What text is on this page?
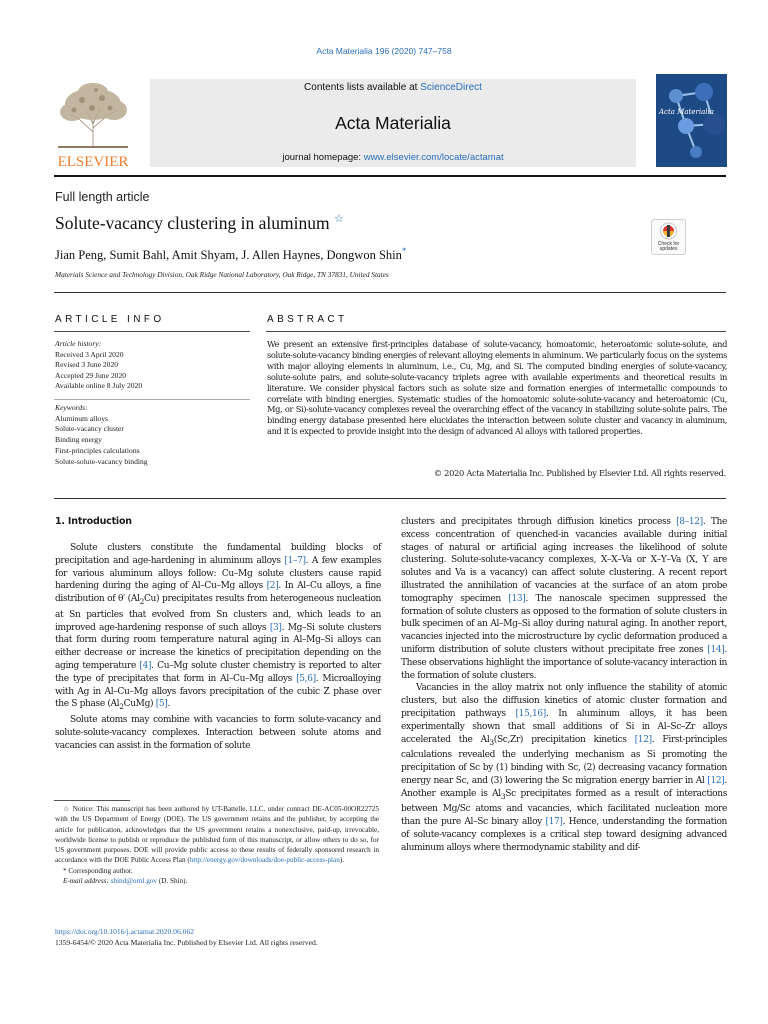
Acta Materialia 196 (2020) 747–758
ELSEVIER
Contents lists available at ScienceDirect
Acta Materialia
journal homepage: www.elsevier.com/locate/actamat
Acta Materialia
Full length article
Solute-vacancy clustering in aluminum ☆
Check for updates
Jian Peng, Sumit Bahl, Amit Shyam, J. Allen Haynes, Dongwon Shin*
Materials Science and Technology Division, Oak Ridge National Laboratory, Oak Ridge, TN 37831, United States
ARTICLE INFO	ABSTRACT
Article history:
Received 3 April 2020
Revised 3 June 2020
Accepted 29 June 2020
Available online 8 July 2020
Keywords:
Aluminum alloys
Solute-vacancy cluster
Binding energy
First-principles calculations
Solute-solute-vacancy binding
We present an extensive first-principles database of solute-vacancy, homoatomic, heteroatomic solute-solute, and solute-solute-vacancy binding energies of relevant alloying elements in aluminum. We particularly focus on the systems with major alloying elements in aluminum, i.e., Cu, Mg, and Si. The computed binding energies of solute-vacancy, solute-solute pairs, and solute-solute-vacancy triplets agree with available experiments and theoretical results in literature. We consider physical factors such as solute size and formation energies of intermetallic compounds to correlate with binding energies. Systematic studies of the homoatomic solute-solute-vacancy and heteroatomic (Cu, Mg, or Si)-solute-vacancy complexes reveal the overarching effect of the vacancy in stabilizing solute-solute pairs. The binding energy database presented here elucidates the interaction between solute cluster and vacancy in aluminum, and it is expected to provide insight into the design of advanced Al alloys with tailored properties.
© 2020 Acta Materialia Inc. Published by Elsevier Ltd. All rights reserved.
1. Introduction

Solute clusters constitute the fundamental building blocks of precipitation and age-hardening in aluminum alloys [1–7]. A few examples for various aluminum alloys follow: Cu–Mg solute clusters cause rapid hardening during the aging of Al–Cu–Mg alloys [2]. In Al–Cu alloys, a fine distribution of θ′ $(Al_2Cu)$ precipitates results from heterogeneous nucleation at Sn particles that evolved from Sn clusters and, which leads to an improved age-hardening response of such alloys [3]. Mg–Si solute clusters that form during room temperature natural aging in Al–Mg–Si alloys can either decrease or increase the kinetics of precipitation depending on the aging temperature [4]. Cu–Mg solute cluster chemistry is reported to alter the type of precipitates that form in Al–Cu–Mg alloys [5,6]. Microalloying with Ag in Al–Cu–Mg alloys favors precipitation of the cubic Z phase over the S phase $(Al_2CuMg)$ [5].

Solute atoms may combine with vacancies to form solute-vacancy and solute-solute-vacancy complexes. Interaction between solute atoms and vacancies can assist in the formation of solute

clusters and precipitates through diffusion kinetics process [8–12]. The excess concentration of quenched-in vacancies available during initial stages of natural or artificial aging increases the likelihood of solute clustering. Solute-solute-vacancy complexes, X–X–Va or X–Y–Va (X, Y are solutes and Va is a vacancy) can affect solute clustering. A recent report illustrated the annihilation of vacancies at the surface of an atom probe tomography specimen [13]. The nanoscale specimen suppressed the formation of solute clusters as opposed to the formation of solute clusters in bulk specimen of an Al–Mg–Si alloy during natural aging. In another report, vacancies injected into the microstructure by cyclic deformation produced a uniform distribution of solute clusters without precipitate free zones [14]. These observations highlight the importance of solute-vacancy interaction in the formation of solute clusters.

Vacancies in the alloy matrix not only influence the stability of atomic clusters, but also the diffusion kinetics of atomic cluster formation and precipitation pathways [15,16]. In aluminum alloys, it has been experimentally shown that small additions of Si in Al–Sc–Zr alloys accelerated the $Al_3(Sc,Zr)$ precipitation kinetics [12]. First-principles calculations revealed the underlying mechanism as Si promoting the precipitation of Sc by (1) binding with Sc, (2) decreasing vacancy formation energy near Sc, and (3) lowering the Sc migration energy barrier in Al [12]. Another example is $Al_3Sc$ precipitates formed as a result of interactions between Mg/Sc atoms and vacancies, which facilitated nucleation more than the pure Al–Sc binary alloy [17]. Hence, understanding the formation of solute-vacancy complexes is a critical step toward designing advanced aluminum alloys where thermodynamic stability and dif-

☆ Notice: This manuscript has been authored by UT-Battelle, LLC, under contract DE-AC05-00OR22725 with the US Department of Energy (DOE). The US government retains and the publisher, by accepting the article for publication, acknowledges that the US government retains a nonexclusive, paid-up, irrevocable, worldwide license to publish or reproduce the published form of this manuscript, or allow others to do so, for US government purposes. DOE will provide public access to these results of federally sponsored research in accordance with the DOE Public Access Plan (http://energy.gov/downloads/doe-public-access-plan).

* Corresponding author.

E-mail address: shind@ornl.gov (D. Shin).

https://doi.org/10.1016/j.actamat.2020.06.062
1359-6454/© 2020 Acta Materialia Inc. Published by Elsevier Ltd. All rights reserved.
